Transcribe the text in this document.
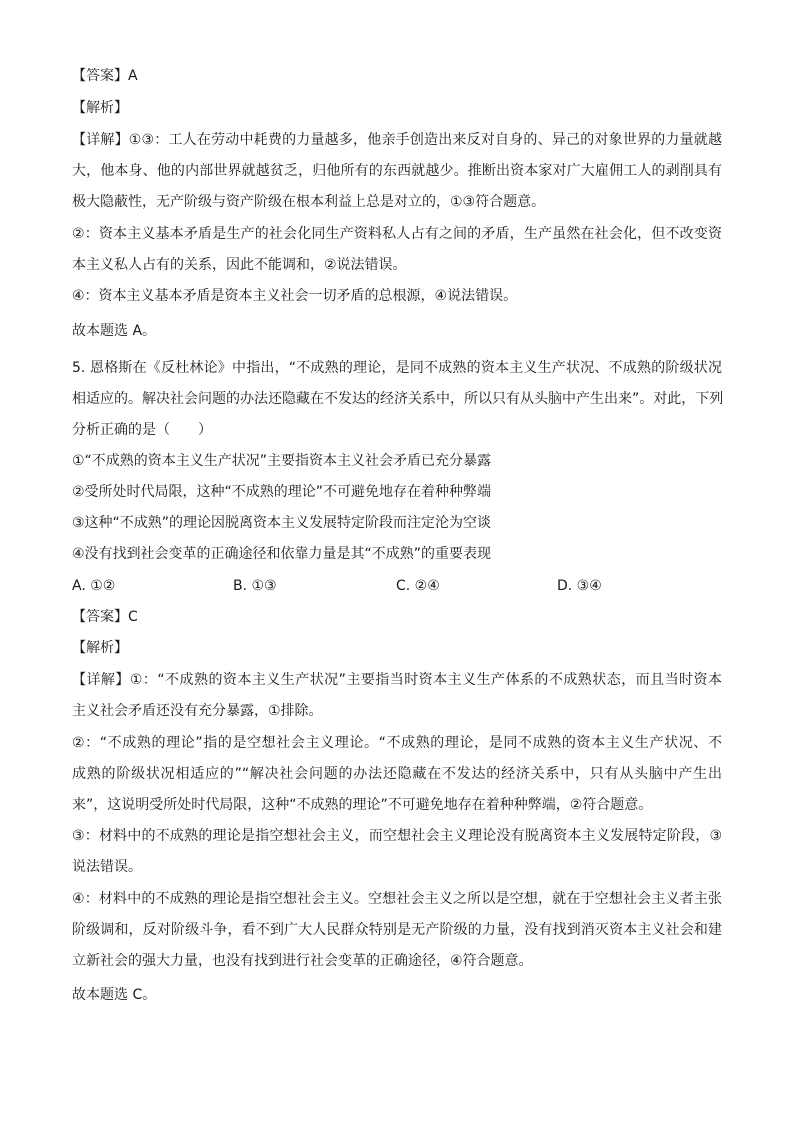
【答案】A
【解析】
【详解】①③：工人在劳动中耗费的力量越多，他亲手创造出来反对自身的、异己的对象世界的力量就越
大，他本身、他的内部世界就越贫乏，归他所有的东西就越少。推断出资本家对广大雇佣工人的剥削具有
极大隐蔽性，无产阶级与资产阶级在根本利益上总是对立的，①③符合题意。
②：资本主义基本矛盾是生产的社会化同生产资料私人占有之间的矛盾，生产虽然在社会化，但不改变资
本主义私人占有的关系，因此不能调和，②说法错误。
④：资本主义基本矛盾是资本主义社会一切矛盾的总根源，④说法错误。
故本题选 A。
5. 恩格斯在《反杜林论》中指出，“不成熟的理论，是同不成熟的资本主义生产状况、不成熟的阶级状况
相适应的。解决社会问题的办法还隐藏在不发达的经济关系中，所以只有从头脑中产生出来”。对此，下列
分析正确的是（　　）
①“不成熟的资本主义生产状况”主要指资本主义社会矛盾已充分暴露
②受所处时代局限，这种“不成熟的理论”不可避免地存在着种种弊端
③这种“不成熟”的理论因脱离资本主义发展特定阶段而注定沦为空谈
④没有找到社会变革的正确途径和依靠力量是其“不成熟”的重要表现
A. ①②	B. ①③	C. ②④	D. ③④
【答案】C
【解析】
【详解】①：“不成熟的资本主义生产状况”主要指当时资本主义生产体系的不成熟状态，而且当时资本
主义社会矛盾还没有充分暴露，①排除。
②：“不成熟的理论”指的是空想社会主义理论。“不成熟的理论，是同不成熟的资本主义生产状况、不
成熟的阶级状况相适应的”“解决社会问题的办法还隐藏在不发达的经济关系中，只有从头脑中产生出
来”，这说明受所处时代局限，这种“不成熟的理论”不可避免地存在着种种弊端，②符合题意。
③：材料中的不成熟的理论是指空想社会主义，而空想社会主义理论没有脱离资本主义发展特定阶段，③
说法错误。
④：材料中的不成熟的理论是指空想社会主义。空想社会主义之所以是空想，就在于空想社会主义者主张
阶级调和，反对阶级斗争，看不到广大人民群众特别是无产阶级的力量，没有找到消灭资本主义社会和建
立新社会的强大力量，也没有找到进行社会变革的正确途径，④符合题意。
故本题选 C。
